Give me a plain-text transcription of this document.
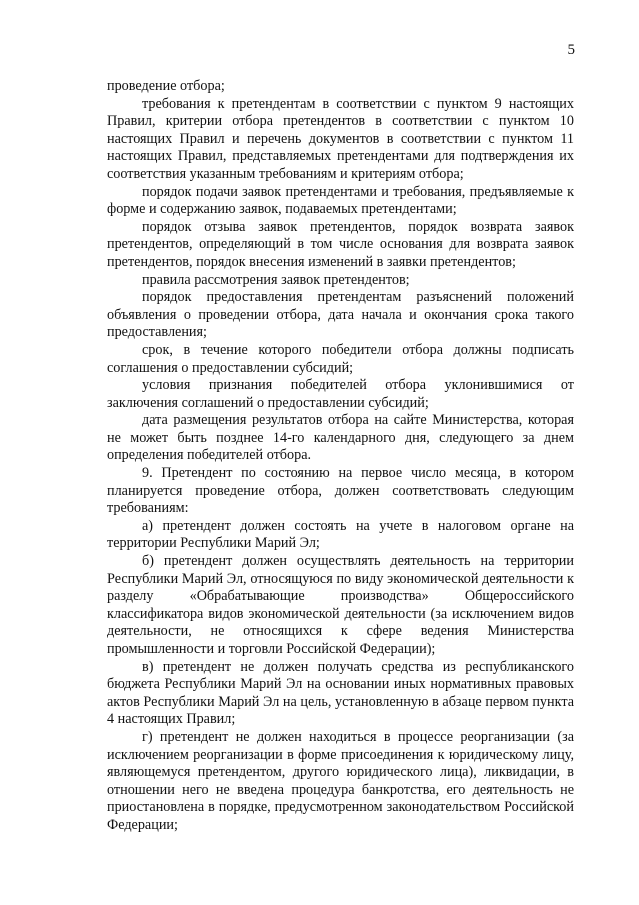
5

проведение отбора;

требования к претендентам в соответствии с пунктом 9 настоящих Правил, критерии отбора претендентов в соответствии с пунктом 10 настоящих Правил и перечень документов в соответствии с пунктом 11 настоящих Правил, представляемых претендентами для подтверждения их соответствия указанным требованиям и критериям отбора;

порядок подачи заявок претендентами и требования, предъявляемые к форме и содержанию заявок, подаваемых претендентами;

порядок отзыва заявок претендентов, порядок возврата заявок претендентов, определяющий в том числе основания для возврата заявок претендентов, порядок внесения изменений в заявки претендентов;

правила рассмотрения заявок претендентов;

порядок предоставления претендентам разъяснений положений объявления о проведении отбора, дата начала и окончания срока такого предоставления;

срок, в течение которого победители отбора должны подписать соглашения о предоставлении субсидий;

условия признания победителей отбора уклонившимися от заключения соглашений о предоставлении субсидий;

дата размещения результатов отбора на сайте Министерства, которая не может быть позднее 14-го календарного дня, следующего за днем определения победителей отбора.

9. Претендент по состоянию на первое число месяца, в котором планируется проведение отбора, должен соответствовать следующим требованиям:

а) претендент должен состоять на учете в налоговом органе на территории Республики Марий Эл;

б) претендент должен осуществлять деятельность на территории Республики Марий Эл, относящуюся по виду экономической деятельности к разделу «Обрабатывающие производства» Общероссийского классификатора видов экономической деятельности (за исключением видов деятельности, не относящихся к сфере ведения Министерства промышленности и торговли Российской Федерации);

в) претендент не должен получать средства из республиканского бюджета Республики Марий Эл на основании иных нормативных правовых актов Республики Марий Эл на цель, установленную в абзаце первом пункта 4 настоящих Правил;

г) претендент не должен находиться в процессе реорганизации (за исключением реорганизации в форме присоединения к юридическому лицу, являющемуся претендентом, другого юридического лица), ликвидации, в отношении него не введена процедура банкротства, его деятельность не приостановлена в порядке, предусмотренном законодательством Российской Федерации;
